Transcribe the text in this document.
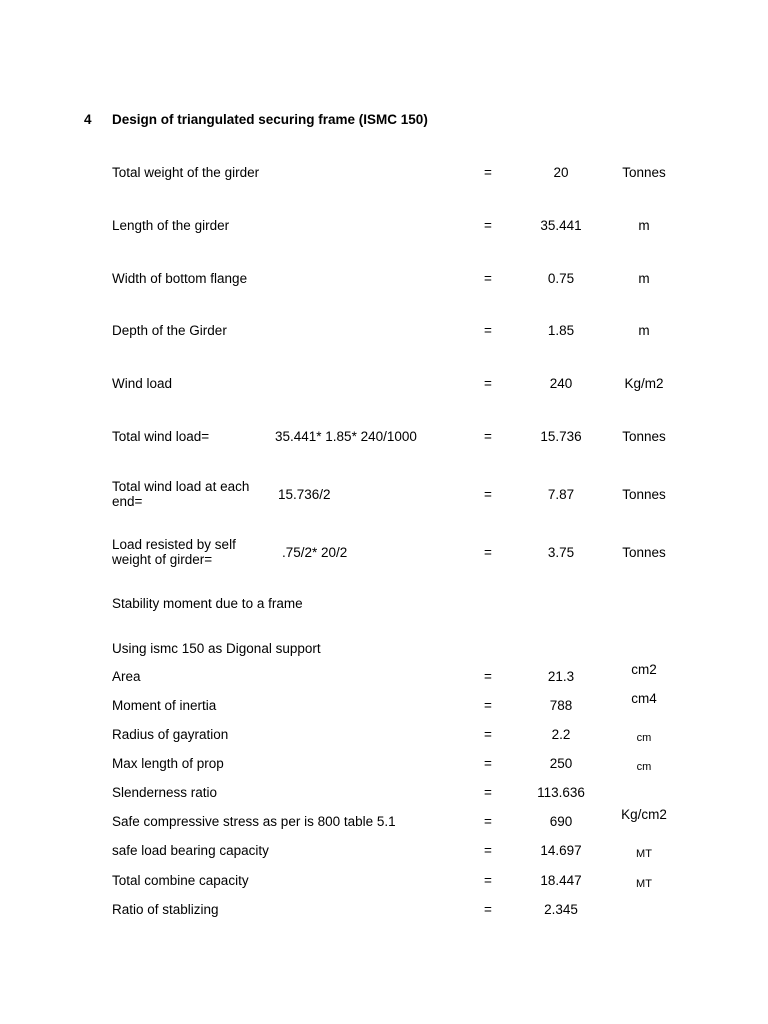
4 Design of triangulated securing frame (ISMC 150)
Total weight of the girder	=	20	Tonnes
Length of the girder	=	35.441	m
Width of bottom flange	=	0.75	m
Depth of the Girder	=	1.85	m
Wind load	=	240	Kg/m2
Total wind load=	35.441* 1.85* 240/1000	=	15.736	Tonnes
Total wind load at each end=	15.736/2	=	7.87	Tonnes
Load resisted by self weight of girder=	.75/2* 20/2	=	3.75	Tonnes
Stability moment due to a frame
Using ismc 150 as Digonal support
Area	=	21.3	cm2
Moment of inertia	=	788	cm4
Radius of gayration	=	2.2	cm
Max length of prop	=	250	cm
Slenderness ratio	=	113.636
Safe compressive stress as per is 800 table 5.1	=	690	Kg/cm2
safe load bearing capacity	=	14.697	MT
Total combine capacity	=	18.447	MT
Ratio of stablizing	=	2.345
